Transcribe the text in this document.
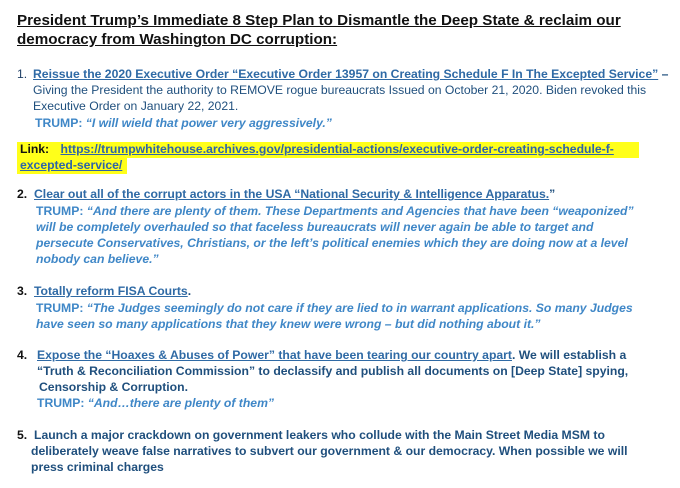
President Trump’s Immediate 8 Step Plan to Dismantle the Deep State & reclaim our
democracy from Washington DC corruption:
1. Reissue the 2020 Executive Order “Executive Order 13957 on Creating Schedule F In The Excepted Service” –
Giving the President the authority to REMOVE rogue bureaucrats Issued on October 21, 2020. Biden revoked this
Executive Order on January 22, 2021.
TRUMP: “I will wield that power very aggressively.”
Link: https://trumpwhitehouse.archives.gov/presidential-actions/executive-order-creating-schedule-f-
excepted-service/
2. Clear out all of the corrupt actors in the USA “National Security & Intelligence Apparatus.”
TRUMP: “And there are plenty of them. These Departments and Agencies that have been “weaponized”
will be completely overhauled so that faceless bureaucrats will never again be able to target and
persecute Conservatives, Christians, or the left’s political enemies which they are doing now at a level
nobody can believe.”
3. Totally reform FISA Courts.
TRUMP: “The Judges seemingly do not care if they are lied to in warrant applications. So many Judges
have seen so many applications that they knew were wrong – but did nothing about it.”
4. Expose the “Hoaxes & Abuses of Power” that have been tearing our country apart. We will establish a
“Truth & Reconciliation Commission” to declassify and publish all documents on [Deep State] spying,
Censorship & Corruption.
TRUMP: “And…there are plenty of them”
5. Launch a major crackdown on government leakers who collude with the Main Street Media MSM to
deliberately weave false narratives to subvert our government & our democracy. When possible we will
press criminal charges
